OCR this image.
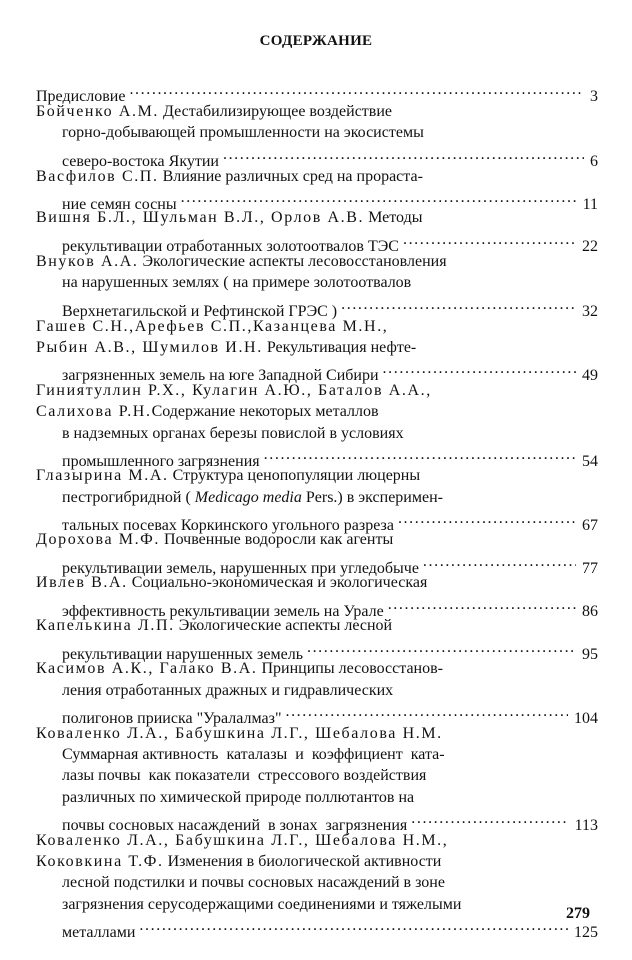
СОДЕРЖАНИЕ
Предисловие . . .	3
Бойченко А.М. Дестабилизирующее воздействие
горно-добывающей промышленности на экосистемы
северо-востока Якутии . . .	6
Васфилов С.П. Влияние различных сред на прораста-
ние семян сосны . . .	11
Вишня Б.Л., Шульман В.Л., Орлов А.В. Методы
рекультивации отработанных золотоотвалов ТЭС . . .	22
Внуков А.А. Экологические аспекты лесовосстановления
на нарушенных землях ( на примере золотоотвалов
Верхнетагильской и Рефтинской ГРЭС ) . . .	32
Гашев С.Н.,Арефьев С.П.,Казанцева М.Н.,
Рыбин А.В., Шумилов И.Н. Рекультивация нефте-
загрязненных земель на юге Западной Сибири . . .	49
Гиниятуллин Р.Х., Кулагин А.Ю., Баталов А.А.,
Салихова Р.Н. Содержание некоторых металлов
в надземных органах березы повислой в условиях
промышленного загрязнения . . .	54
Глазырина М.А. Структура ценопопуляции люцерны
пестрогибридной ( Medicago media Pers.) в эксперимен-
тальных посевах Коркинского угольного разреза . . .	67
Дорохова М.Ф. Почвенные водоросли как агенты
рекультивации земель, нарушенных при угледобыче . . .	77
Ивлев В.А. Социально-экономическая и экологическая
эффективность рекультивации земель на Урале . . .	86
Капелькина Л.П. Экологические аспекты лесной
рекультивации нарушенных земель . . .	95
Касимов А.К., Галако В.А. Принципы лесовосстанов-
ления отработанных дражных и гидравлических
полигонов прииска "Уралалмаз" . . .	104
Коваленко Л.А., Бабушкина Л.Г., Шебалова Н.М.
Суммарная активность  каталазы  и  коэффициент  ката-
лазы почвы  как показатели  стрессового воздействия
различных по химической природе поллютантов на
почвы сосновых насаждений  в зонах  загрязнения . . .	113
Коваленко Л.А., Бабушкина Л.Г., Шебалова Н.М.,
Коковкина Т.Ф. Изменения в биологической активности
лесной подстилки и почвы сосновых насаждений в зоне
загрязнения серусодержащими соединениями и тяжелыми
металлами . . .	125
279
